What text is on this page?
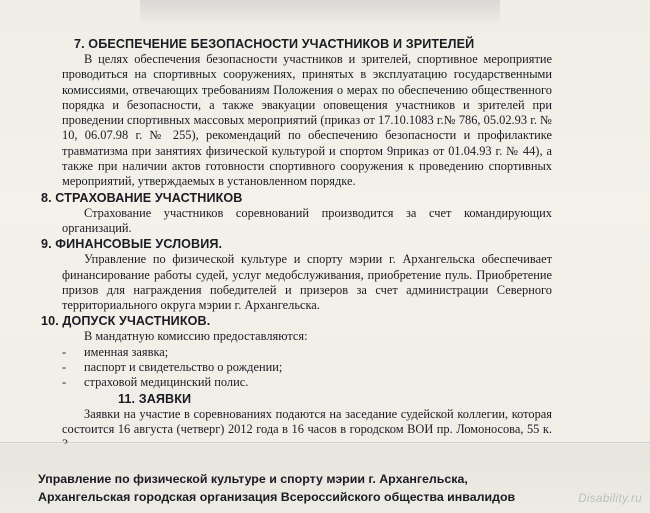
7. ОБЕСПЕЧЕНИЕ БЕЗОПАСНОСТИ УЧАСТНИКОВ И ЗРИТЕЛЕЙ

В целях обеспечения безопасности участников и зрителей, спортивное мероприятие проводиться на спортивных сооружениях, принятых в эксплуатацию государственными комиссиями, отвечающих требованиям Положения о мерах по обеспечению общественного порядка и безопасности, а также эвакуации оповещения участников и зрителей при проведении спортивных массовых мероприятий (приказ от 17.10.1083 г.№ 786, 05.02.93 г. № 10, 06.07.98 г. № 255), рекомендаций по обеспечению безопасности и профилактике травматизма при занятиях физической культурой и спортом 9приказ от 01.04.93 г. № 44), а также при наличии актов готовности спортивного сооружения к проведению спортивных мероприятий, утверждаемых в установленном порядке.

8. СТРАХОВАНИЕ УЧАСТНИКОВ

Страхование участников соревнований производится за счет командирующих организаций.

9. ФИНАНСОВЫЕ УСЛОВИЯ.

Управление по физической культуре и спорту мэрии г. Архангельска обеспечивает финансирование работы судей, услуг медобслуживания, приобретение пуль. Приобретение призов для награждения победителей и призеров за счет администрации Северного территориального округа мэрии г. Архангельска.

10. ДОПУСК УЧАСТНИКОВ.

В мандатную комиссию предоставляются:

- именная заявка;
- паспорт и свидетельство о рождении;
- страховой медицинский полис.
11. ЗАЯВКИ

Заявки на участие в соревнованиях подаются на заседание судейской коллегии, которая состоится 16 августа (четверг) 2012 года в 16 часов в городском ВОИ пр. Ломоносова, 55 к.

Управление по физической культуре и спорту мэрии г. Архангельска,
Архангельская городская организация Всероссийского общества инвалидов	Disability.ru
